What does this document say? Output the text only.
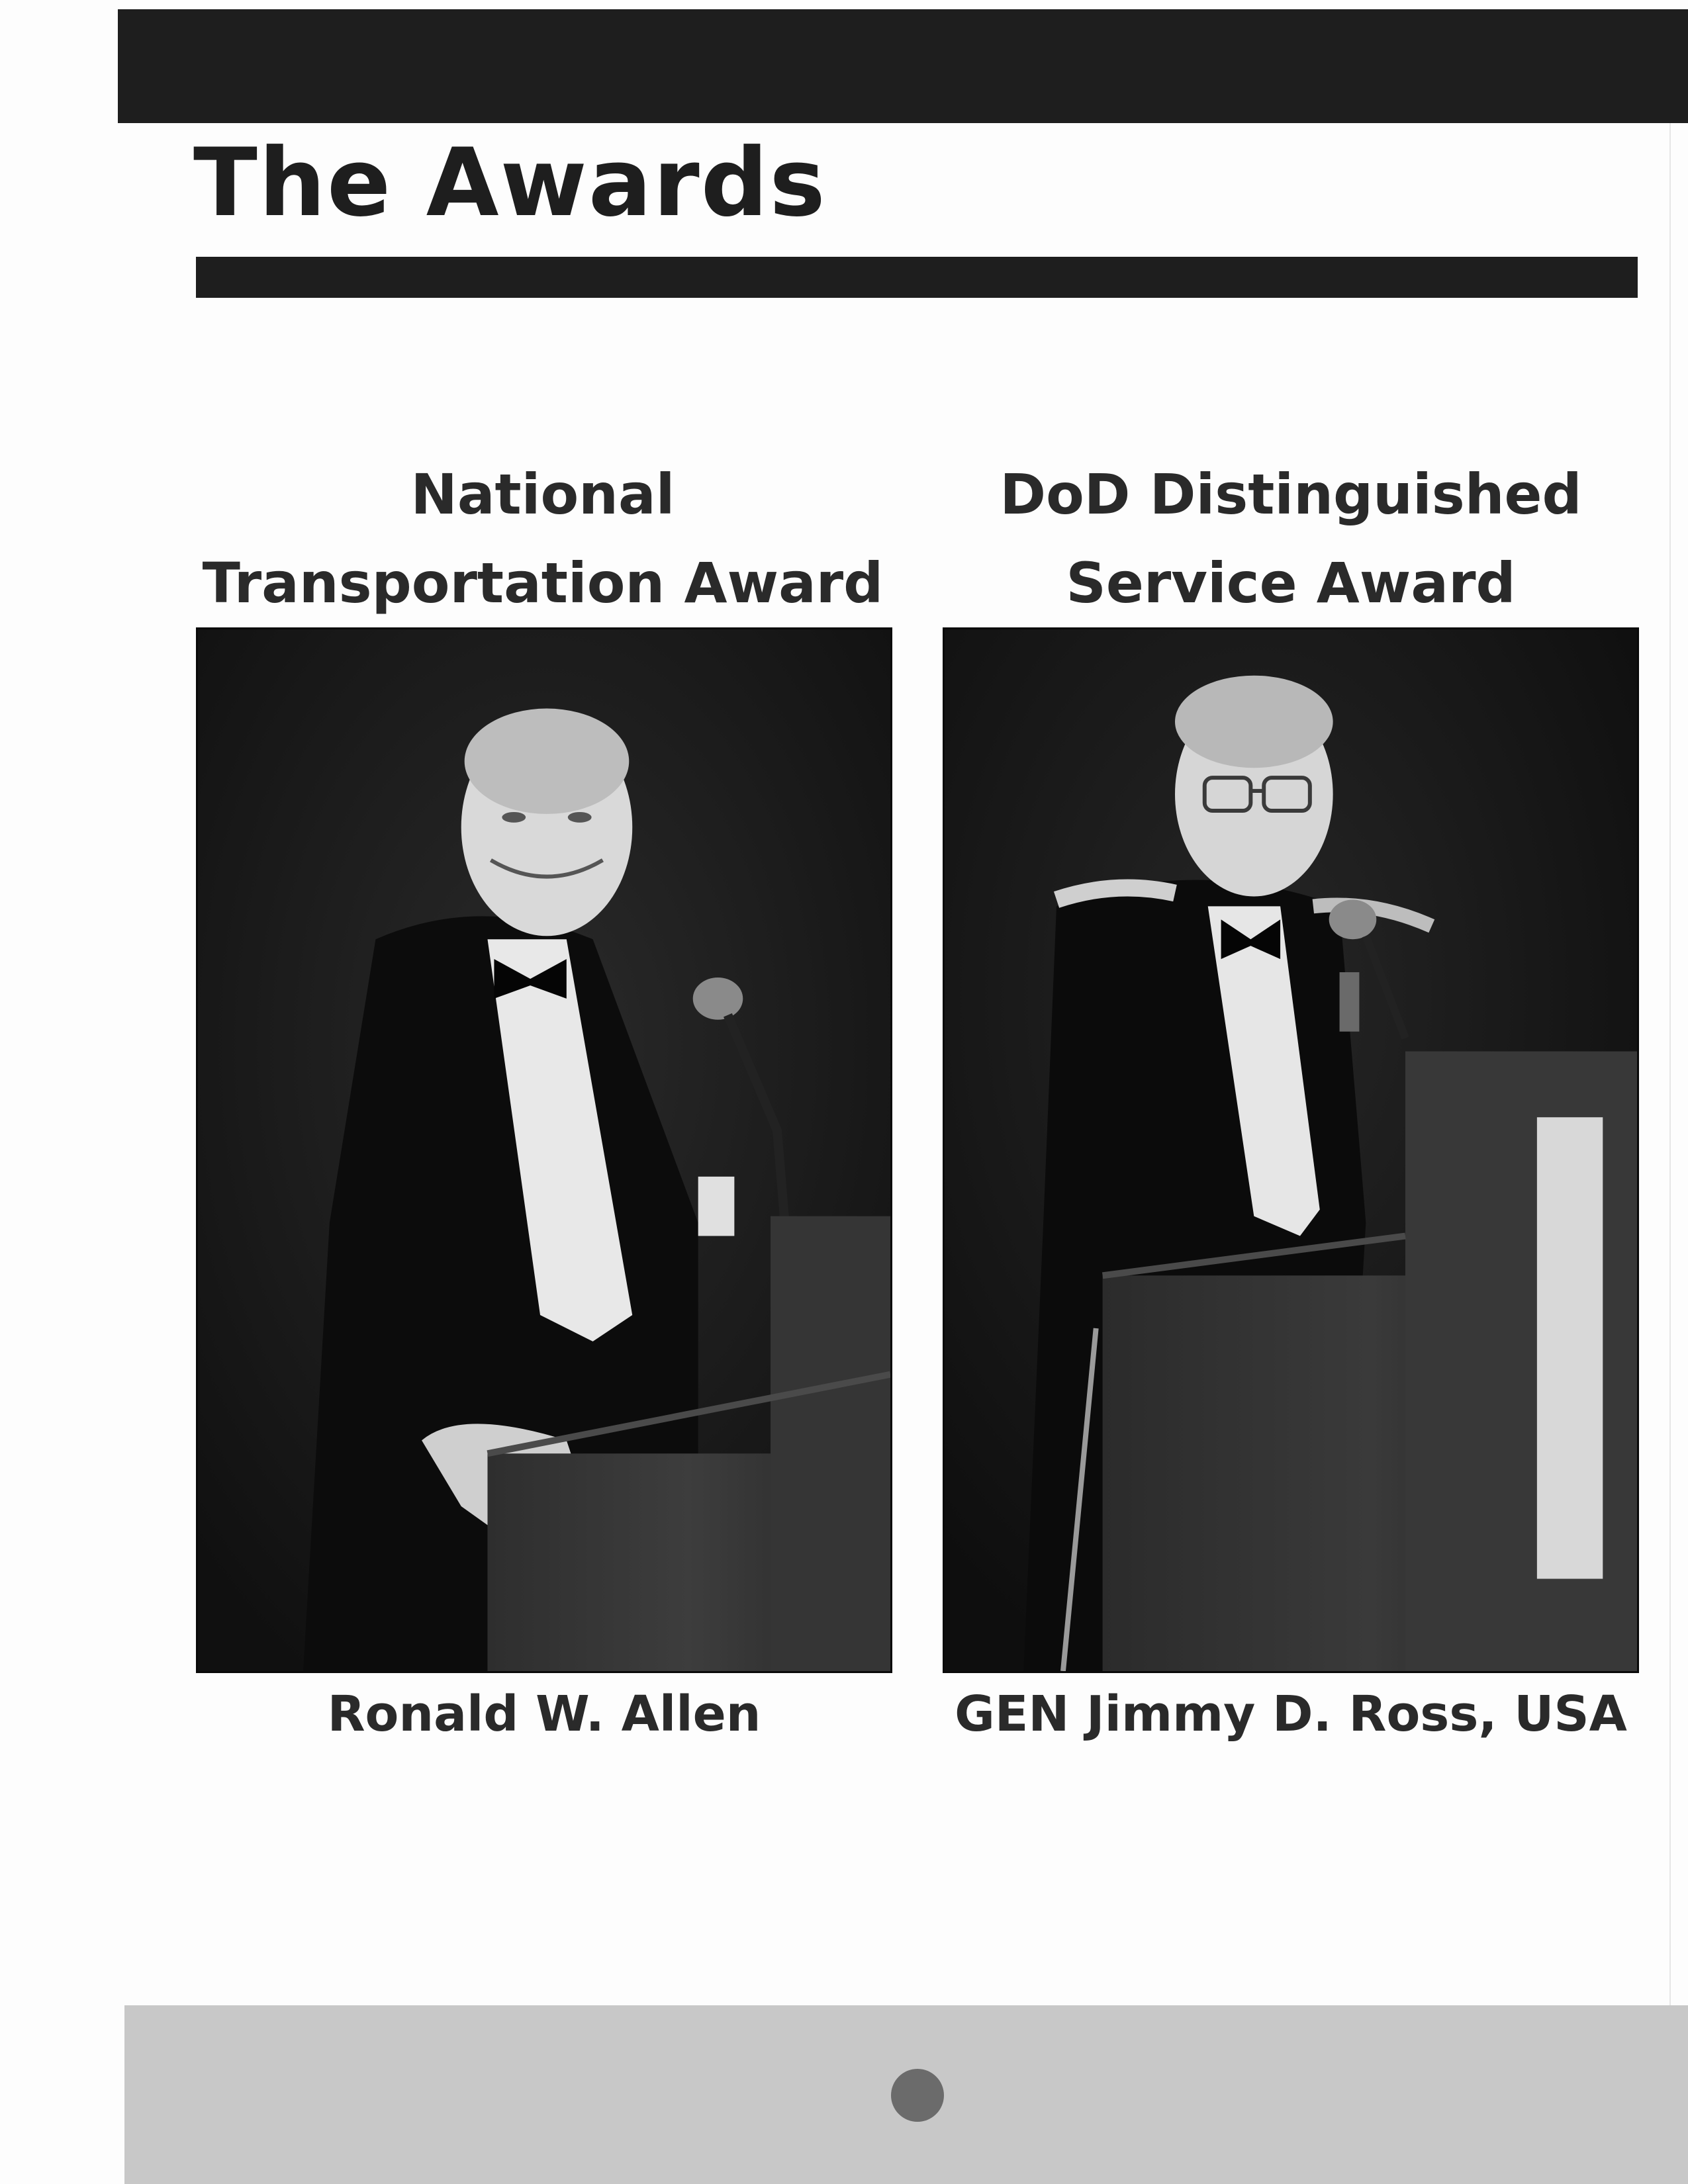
The Awards
National
Transportation Award

Ronald W. Allen

DoD Distinguished
Service Award

GEN Jimmy D. Ross, USA
